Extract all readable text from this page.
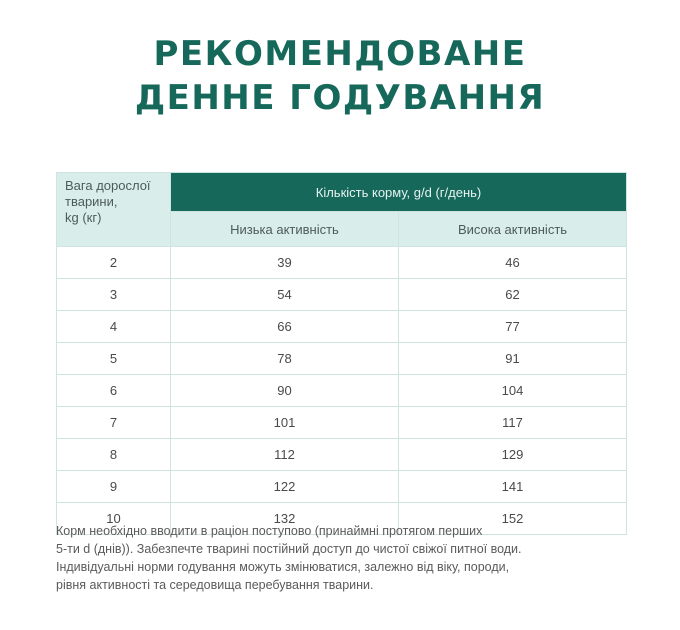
РЕКОМЕНДОВАНЕ
ДЕННЕ ГОДУВАННЯ
Вага дорослої
тварини,
kg (кг)	Кількість корму, g/d (г/день)	
	Низька активність	Висока активність
2	39	46
3	54	62
4	66	77
5	78	91
6	90	104
7	101	117
8	112	129
9	122	141
10	132	152
Корм необхідно вводити в раціон поступово (принаймні протягом перших
5-ти d (днів)). Забезпечте тварині постійний доступ до чистої свіжої питної води.
Індивідуальні норми годування можуть змінюватися, залежно від віку, породи,
рівня активності та середовища перебування тварини.
